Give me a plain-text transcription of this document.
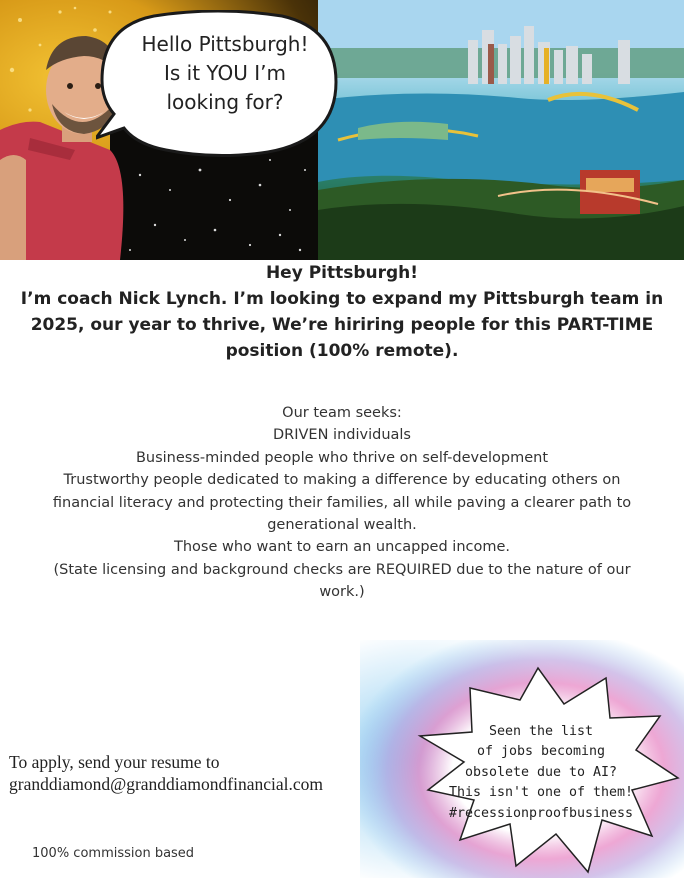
Hello Pittsburgh!
Is it YOU I’m
looking for?
Hey Pittsburgh!
I’m coach Nick Lynch. I’m looking to expand my Pittsburgh team in 2025, our year to thrive, We’re hiriring people for this PART-TIME position (100% remote).
Our team seeks:
DRIVEN individuals
Business-minded people who thrive on self-development
Trustworthy people dedicated to making a difference by educating others on
financial literacy and protecting their families, all while paving a clearer path to
generational wealth.
Those who want to earn an uncapped income.
(State licensing and background checks are REQUIRED due to the nature of our
work.)
Seen the list
of jobs becoming
obsolete due to AI?
This isn't one of them!
#recessionproofbusiness
To apply, send your resume to
granddiamond@granddiamondfinancial.com
100% commission based
